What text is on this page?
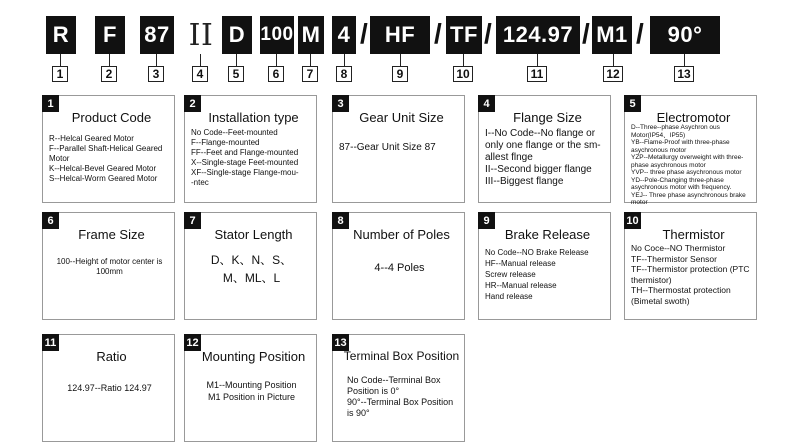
R	F	87 II D 100 M 4 / HF / TF / 124.97 / M1 /	90°
1	2	3	4	5	6	7	8	9	10	11	12	13
1
Product Code
R--Helcal Geared Motor
F--Parallel Shaft-Helical Geared Motor
K--Helcal-Bevel Geared Motor
S--Helcal-Worm Geared Motor
2
Installation type
No Code--Feet-mounted
F--Flange-mounted
FF--Feet and Flange-mounted
X--Single-stage Feet-mounted
XF--Single-stage Flange-mou-
-ntec
3
Gear Unit Size
87--Gear Unit Size 87
4
Flange Size
I--No Code--No flange or only one flange or the sm-allest flnge
II--Second bigger flange
III--Biggest flange
5
Electromotor
D--Three--phase Asychron ous Motor(IP54、IP55)
YB--Flame-Proof with three-phase asychronous motor
YZP--Metallurgy overweight with three-phase asychronous motor
YVP-- three phase asychronous motor
YD--Pole-Changing three-phase asychronous motor with frequency.
YEJ-- Three phase asynchronous brake motor
6
Frame Size
100--Height of motor center is 100mm
7
Stator Length
D、K、N、S、
M、ML、L
8
Number of Poles
4--4 Poles
9
Brake Release
No Code--NO Brake Release
HF--Manual release
Screw release
HR--Manual release
Hand release
10
Thermistor
No Coce--NO Thermistor
TF--Thermistor Sensor
TF--Thermistor protection (PTC thermistor)
TH--Thermostat protection (Bimetal swoth)
11
Ratio
124.97--Ratio 124.97
12
Mounting Position
M1--Mounting Position
M1 Position in Picture
13
Terminal Box Position
No Code--Terminal Box Position is 0°
90°--Terminal Box Position is 90°
